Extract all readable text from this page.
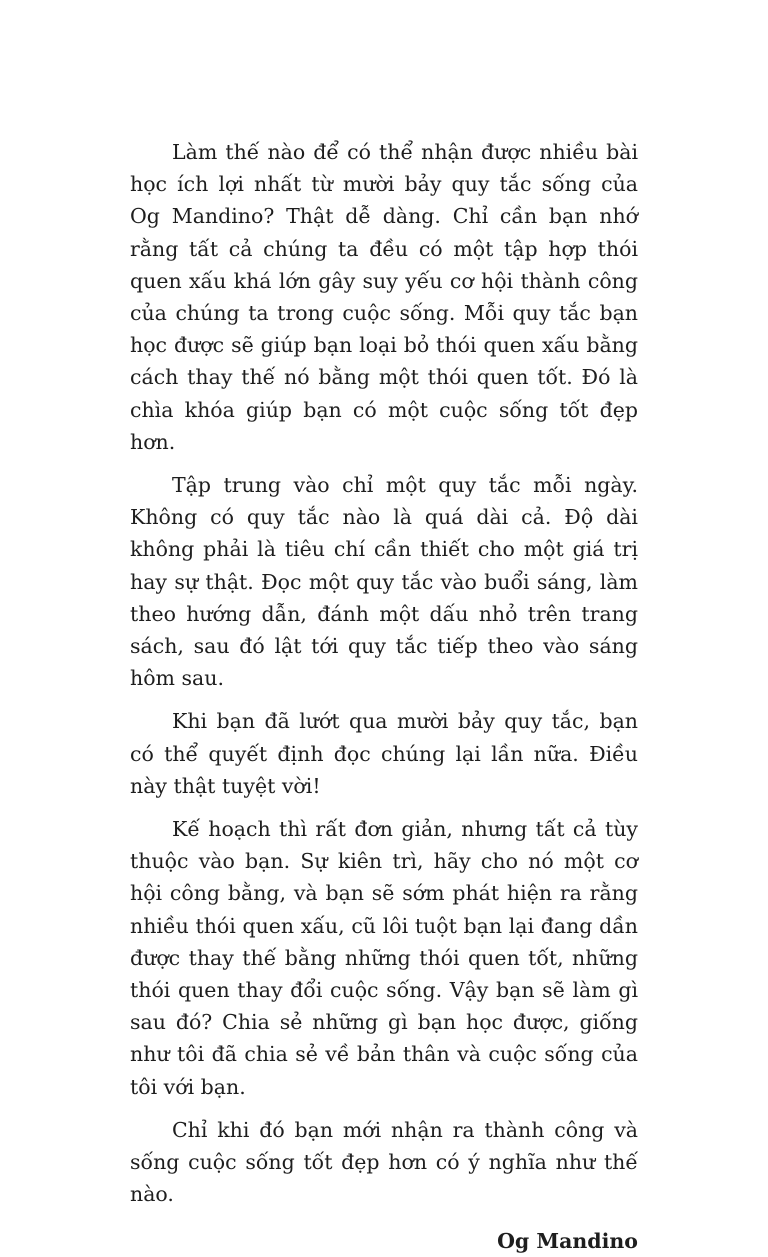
Làm thế nào để có thể nhận được nhiều bài học ích lợi nhất từ mười bảy quy tắc sống của Og Mandino? Thật dễ dàng. Chỉ cần bạn nhớ rằng tất cả chúng ta đều có một tập hợp thói quen xấu khá lớn gây suy yếu cơ hội thành công của chúng ta trong cuộc sống. Mỗi quy tắc bạn học được sẽ giúp bạn loại bỏ thói quen xấu bằng cách thay thế nó bằng một thói quen tốt. Đó là chìa khóa giúp bạn có một cuộc sống tốt đẹp hơn.

Tập trung vào chỉ một quy tắc mỗi ngày. Không có quy tắc nào là quá dài cả. Độ dài không phải là tiêu chí cần thiết cho một giá trị hay sự thật. Đọc một quy tắc vào buổi sáng, làm theo hướng dẫn, đánh một dấu nhỏ trên trang sách, sau đó lật tới quy tắc tiếp theo vào sáng hôm sau.

Khi bạn đã lướt qua mười bảy quy tắc, bạn có thể quyết định đọc chúng lại lần nữa. Điều này thật tuyệt vời!

Kế hoạch thì rất đơn giản, nhưng tất cả tùy thuộc vào bạn. Sự kiên trì, hãy cho nó một cơ hội công bằng, và bạn sẽ sớm phát hiện ra rằng nhiều thói quen xấu, cũ lôi tuột bạn lại đang dần được thay thế bằng những thói quen tốt, những thói quen thay đổi cuộc sống. Vậy bạn sẽ làm gì sau đó? Chia sẻ những gì bạn học được, giống như tôi đã chia sẻ về bản thân và cuộc sống của tôi với bạn.

Chỉ khi đó bạn mới nhận ra thành công và sống cuộc sống tốt đẹp hơn có ý nghĩa như thế nào.

Og Mandino
